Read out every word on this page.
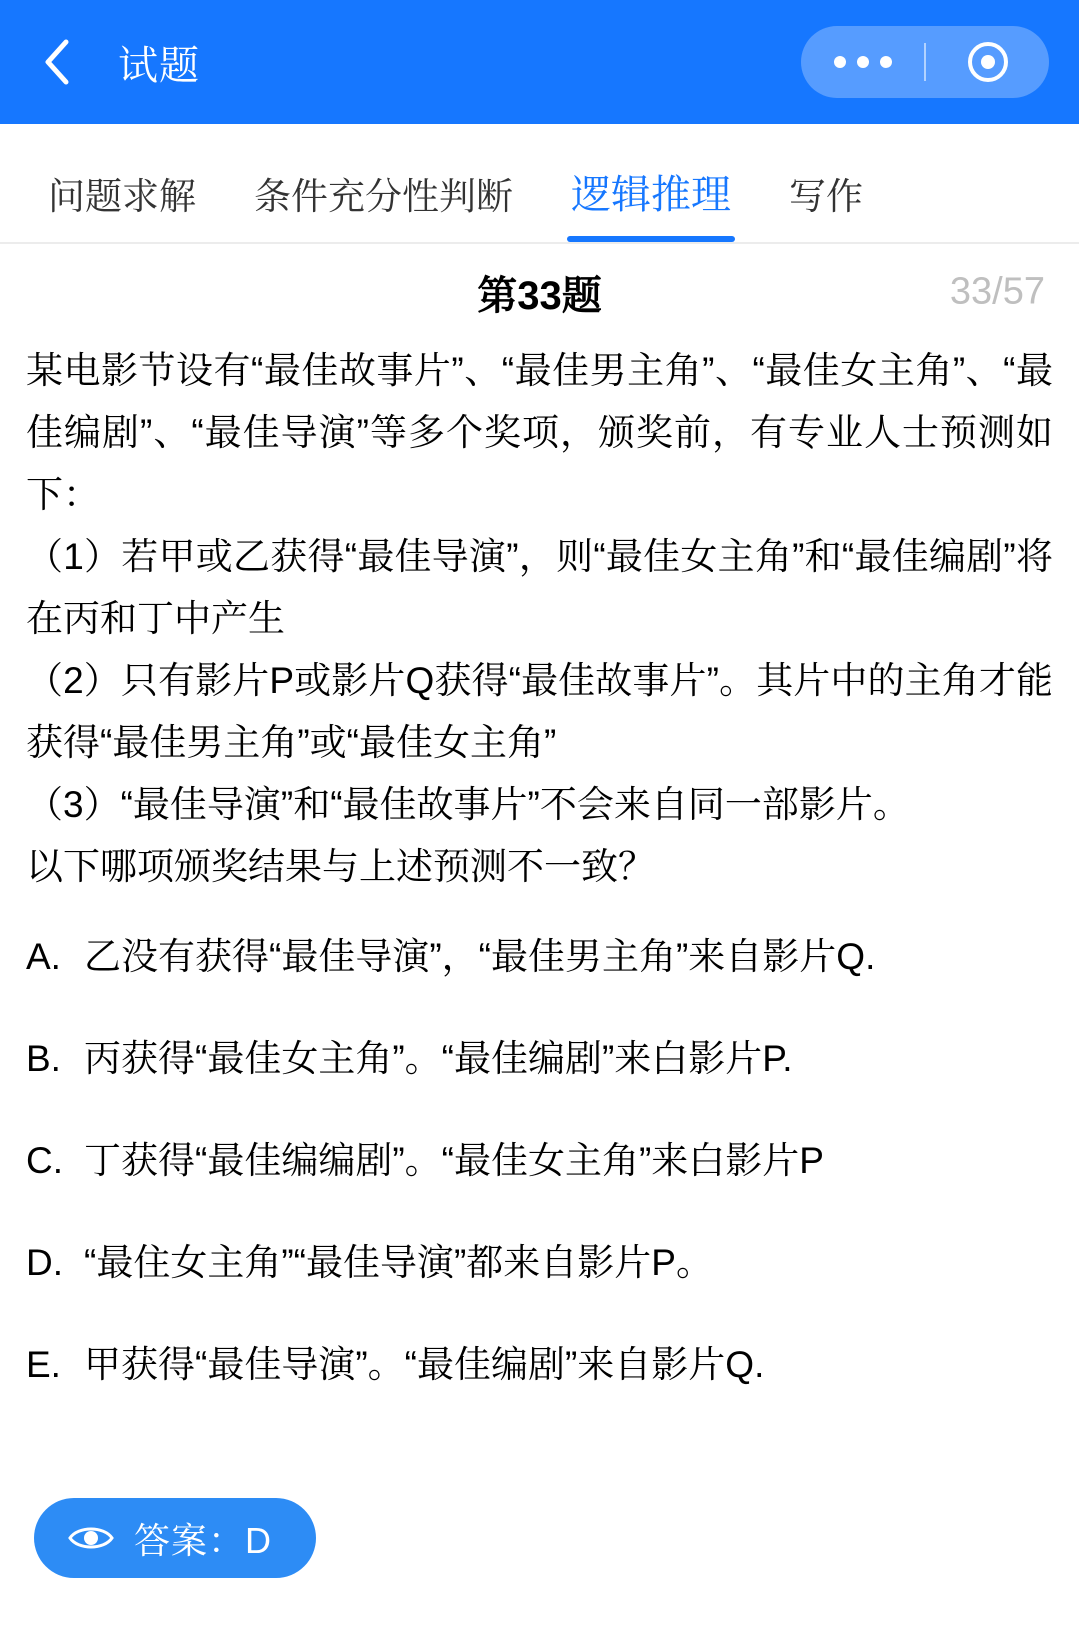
试题
问题求解 条件充分性判断 逻辑推理 写作
第33题	33/57

某电影节设有“最佳故事片”、“最佳男主角”、“最佳女主角”、“最佳编剧”、“最佳导演”等多个奖项，颁奖前，有专业人士预测如下：

（1）若甲或乙获得“最佳导演”，则“最佳女主角”和“最佳编剧”将在丙和丁中产生

（2）只有影片P或影片Q获得“最佳故事片”。其片中的主角才能获得“最佳男主角”或“最佳女主角”

（3）“最佳导演”和“最佳故事片”不会来自同一部影片。

以下哪项颁奖结果与上述预测不一致？
A. 乙没有获得“最佳导演”，“最佳男主角”来自影片Q.
B. 丙获得“最佳女主角”。“最佳编剧”来白影片P.
C. 丁获得“最佳编编剧”。“最佳女主角”来白影片P
D. “最住女主角”“最佳导演”都来自影片P。
E. 甲获得“最佳导演”。“最佳编剧”来自影片Q.
答案：D
